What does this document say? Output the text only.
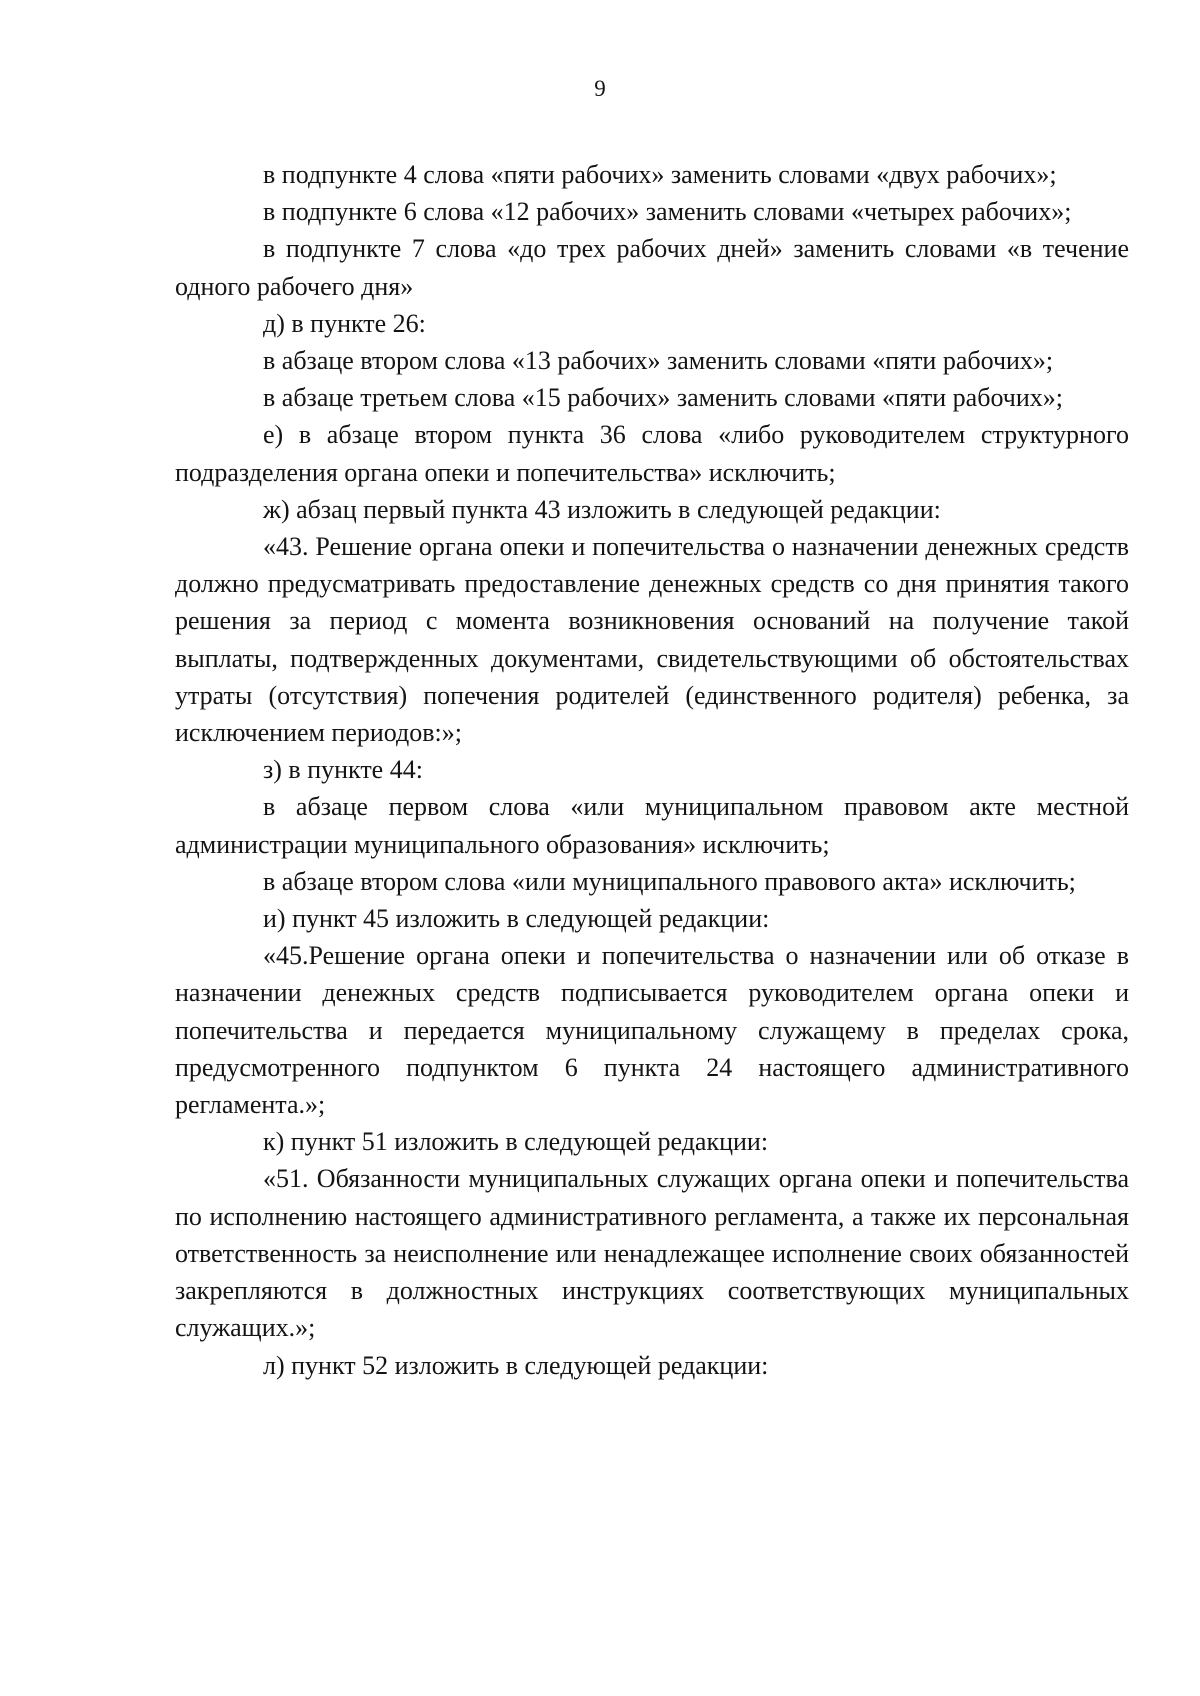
9

в подпункте 4 слова «пяти рабочих» заменить словами «двух рабочих»;

в подпункте 6 слова «12 рабочих» заменить словами «четырех рабочих»;

в подпункте 7 слова «до трех рабочих дней» заменить словами «в течение одного рабочего дня»

д) в пункте 26:

в абзаце втором слова «13 рабочих» заменить словами «пяти рабочих»;

в абзаце третьем слова «15 рабочих» заменить словами «пяти рабочих»;

е) в абзаце втором пункта 36 слова «либо руководителем структурного подразделения органа опеки и попечительства» исключить;

ж) абзац первый пункта 43 изложить в следующей редакции:

«43. Решение органа опеки и попечительства о назначении денежных средств должно предусматривать предоставление денежных средств со дня принятия такого решения за период с момента возникновения оснований на получение такой выплаты, подтвержденных документами, свидетельствующими об обстоятельствах утраты (отсутствия) попечения родителей (единственного родителя) ребенка, за исключением периодов:»;

з) в пункте 44:

в абзаце первом слова «или муниципальном правовом акте местной администрации муниципального образования» исключить;

в абзаце втором слова «или муниципального правового акта» исключить;

и) пункт 45 изложить в следующей редакции:

«45.Решение органа опеки и попечительства о назначении или об отказе в назначении денежных средств подписывается руководителем органа опеки и попечительства и передается муниципальному служащему в пределах срока, предусмотренного подпунктом 6 пункта 24 настоящего административного регламента.»;

к) пункт 51 изложить в следующей редакции:

«51. Обязанности муниципальных служащих органа опеки и попечительства по исполнению настоящего административного регламента, а также их персональная ответственность за неисполнение или ненадлежащее исполнение своих обязанностей закрепляются в должностных инструкциях соответствующих муниципальных служащих.»;

л) пункт 52 изложить в следующей редакции:
